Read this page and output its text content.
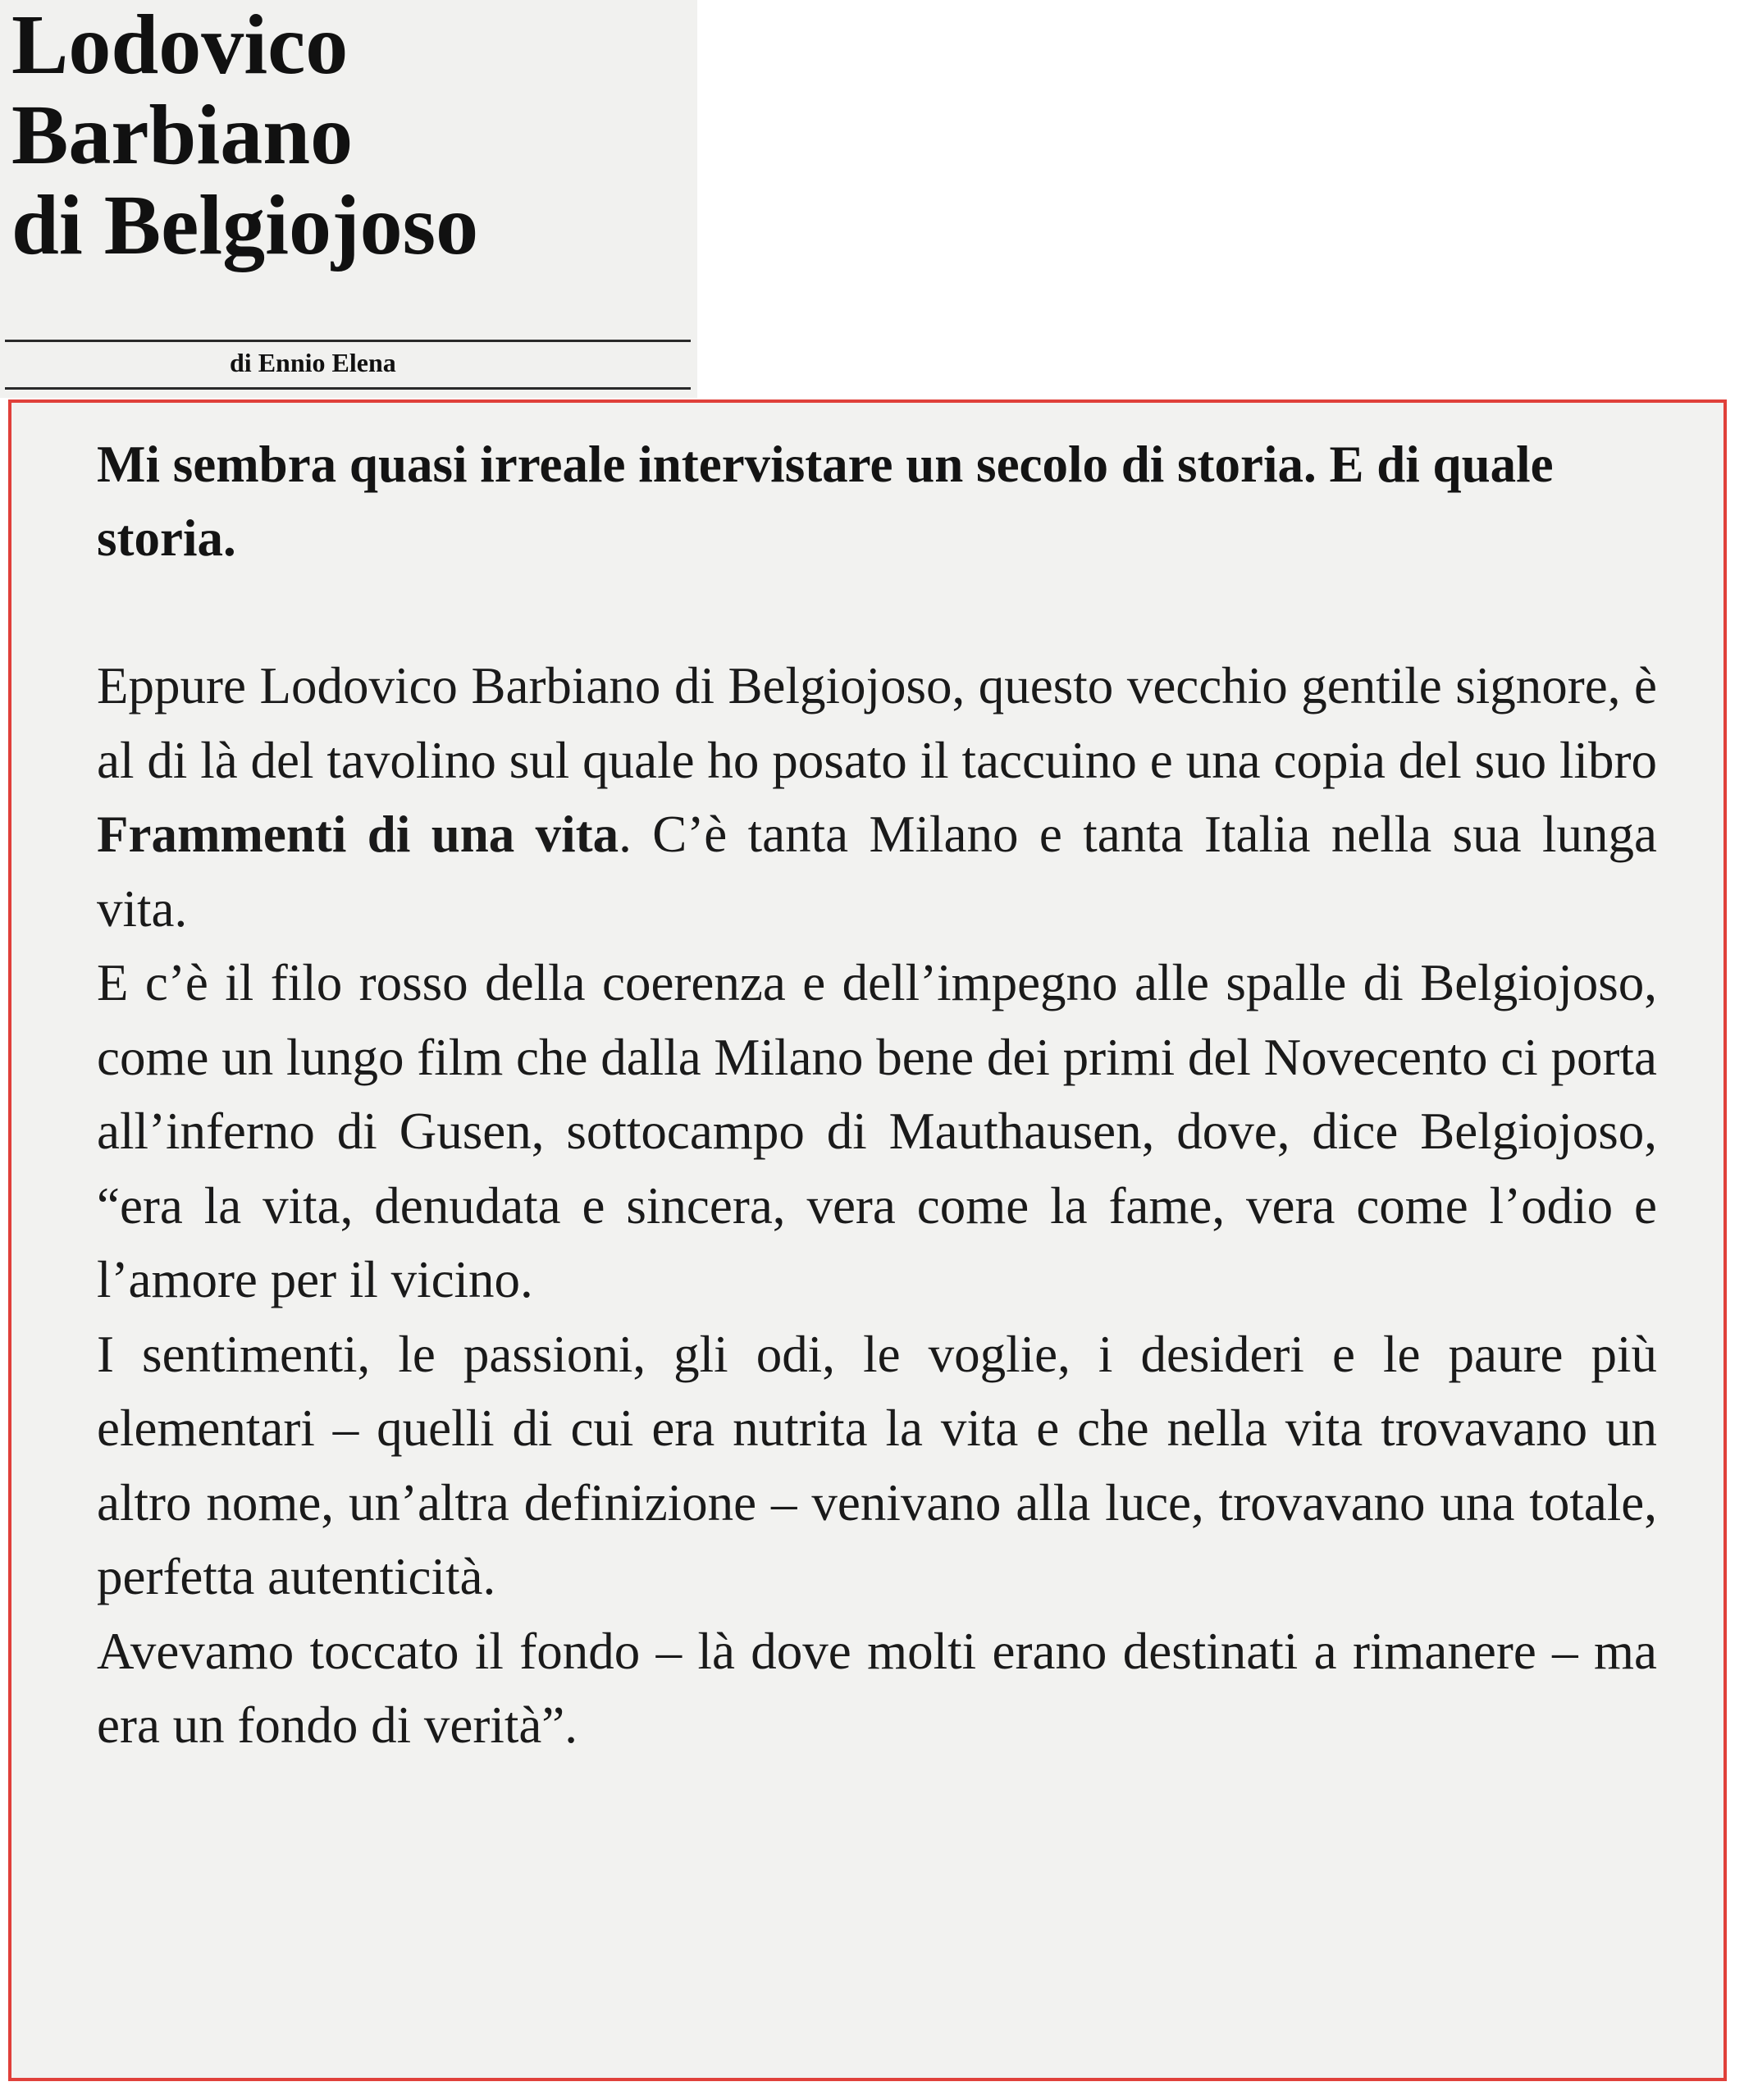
Lodovico
Barbiano
di Belgiojoso
di Ennio Elena

Mi sembra quasi irreale intervistare un secolo di storia. E di quale storia.

Eppure Lodovico Barbiano di Belgiojoso, questo vecchio gentile signore, è al di là del tavolino sul quale ho posato il taccuino e una copia del suo libro Frammenti di una vita. C’è tanta Milano e tanta Italia nella sua lunga vita.

E c’è il filo rosso della coerenza e dell’impegno alle spalle di Belgiojoso, come un lungo film che dalla Milano bene dei primi del Novecento ci porta all’inferno di Gusen, sottocampo di Mauthausen, dove, dice Belgiojoso, “era la vita, denudata e sincera, vera come la fame, vera come l’odio e l’amore per il vicino.

I sentimenti, le passioni, gli odi, le voglie, i desideri e le paure più elementari – quelli di cui era nutrita la vita e che nella vita trovavano un altro nome, un’altra definizione – venivano alla luce, trovavano una totale, perfetta autenticità.

Avevamo toccato il fondo – là dove molti erano destinati a rimanere – ma era un fondo di verità”.
